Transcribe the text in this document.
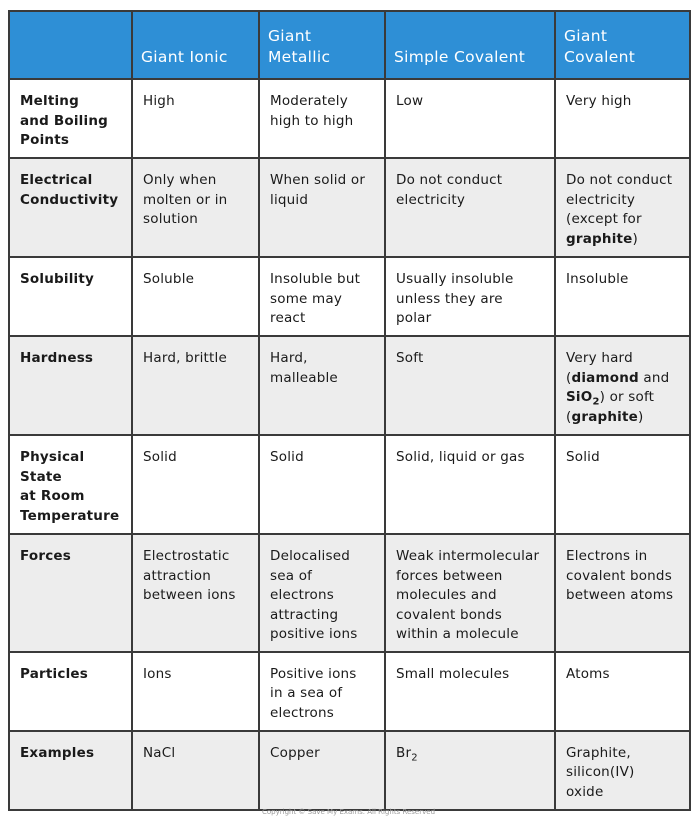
	Giant Ionic	Giant
Metallic	Simple Covalent	Giant
Covalent
Melting
and Boiling
Points	High	Moderately
high to high	Low	Very high
Electrical
Conductivity	Only when
molten or in
solution	When solid or
liquid	Do not conduct
electricity	Do not conduct
electricity
(except for
graphite)
Solubility	Soluble	Insoluble but
some may
react	Usually insoluble
unless they are
polar	Insoluble
Hardness	Hard, brittle	Hard,
malleable	Soft	Very hard
(diamond and
SiO$_2$) or soft
(graphite)
Physical
State
at Room
Temperature	Solid	Solid	Solid, liquid or gas	Solid
Forces	Electrostatic
attraction
between ions	Delocalised
sea of
electrons
attracting
positive ions	Weak intermolecular
forces between
molecules and
covalent bonds
within a molecule	Electrons in
covalent bonds
between atoms
Particles	Ions	Positive ions
in a sea of
electrons	Small molecules	Atoms
Examples	NaCl	Copper	$Br_2$	Graphite,
silicon(IV)
oxide
Copyright © Save My Exams. All Rights Reserved
